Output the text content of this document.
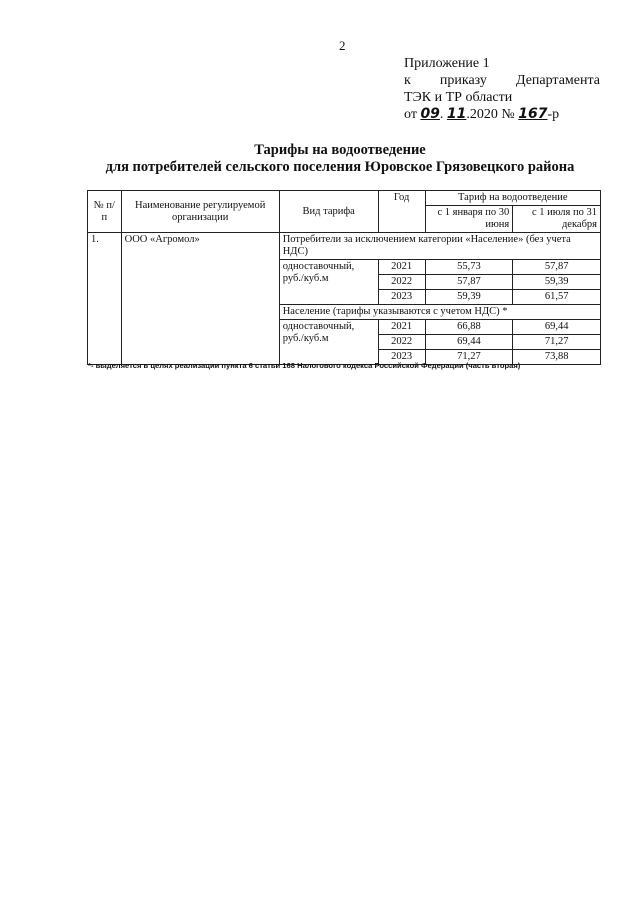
2
Приложение 1
к приказу Департамента
ТЭК и ТР области
от 09. 11.2020 № 167-р
Тарифы на водоотведение
для потребителей сельского поселения Юровское Грязовецкого района
№ п/п	Наименование регулируемой организации	Вид тарифа	Год	Тариф на водоотведение	
				с 1 января по 30 июня	с 1 июля по 31 декабря
1.	ООО «Агромол»	Потребители за исключением категории «Население» (без учета НДС)			
		одноставочный, руб./куб.м	2021	55,73	57,87
			2022	57,87	59,39
			2023	59,39	61,57
		Население (тарифы указываются с учетом НДС) *			
		одноставочный, руб./куб.м	2021	66,88	69,44
			2022	69,44	71,27
			2023	71,27	73,88
*- выделяется в целях реализации пункта 6 статьи 168 Налогового кодекса Российской Федерации (часть вторая)
